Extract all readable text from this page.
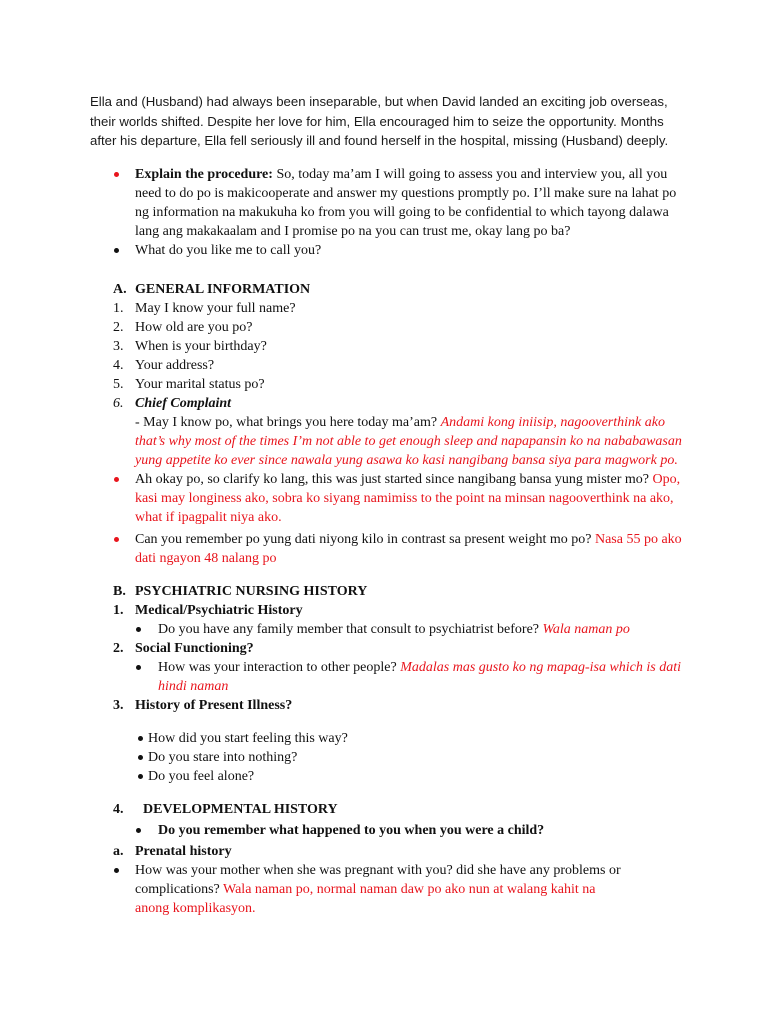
Ella and (Husband) had always been inseparable, but when David landed an exciting job overseas, their worlds shifted. Despite her love for him, Ella encouraged him to seize the opportunity. Months after his departure, Ella fell seriously ill and found herself in the hospital, missing (Husband) deeply.
Explain the procedure: So, today ma’am I will going to assess you and interview you, all you need to do po is makicooperate and answer my questions promptly po. I’ll make sure na lahat po ng information na makukuha ko from you will going to be confidential to which tayong dalawa lang ang makakaalam and I promise po na you can trust me, okay lang po ba?
What do you like me to call you?
A. GENERAL INFORMATION
1. May I know your full name?
2. How old are you po?
3. When is your birthday?
4. Your address?
5. Your marital status po?
6. Chief Complaint
- May I know po, what brings you here today ma’am? Andami kong iniisip, nagooverthink ako that’s why most of the times I’m not able to get enough sleep and napapansin ko na nababawasan yung appetite ko ever since nawala yung asawa ko kasi nangibang bansa siya para magwork po.
Ah okay po, so clarify ko lang, this was just started since nangibang bansa yung mister mo? Opo, kasi may longiness ako, sobra ko siyang namimiss to the point na minsan nagooverthink na ako, what if ipagpalit niya ako.
Can you remember po yung dati niyong kilo in contrast sa present weight mo po? Nasa 55 po ako dati ngayon 48 nalang po
B. PSYCHIATRIC NURSING HISTORY
1. Medical/Psychiatric History
Do you have any family member that consult to psychiatrist before? Wala naman po
2. Social Functioning?
How was your interaction to other people? Madalas mas gusto ko ng mapag-isa which is dati hindi naman
3. History of Present Illness?
How did you start feeling this way?
Do you stare into nothing?
Do you feel alone?
4.	DEVELOPMENTAL HISTORY
Do you remember what happened to you when you were a child?
a. Prenatal history
How was your mother when she was pregnant with you? did she have any problems or complications? Wala naman po, normal naman daw po ako nun at walang kahit na anong komplikasyon.
